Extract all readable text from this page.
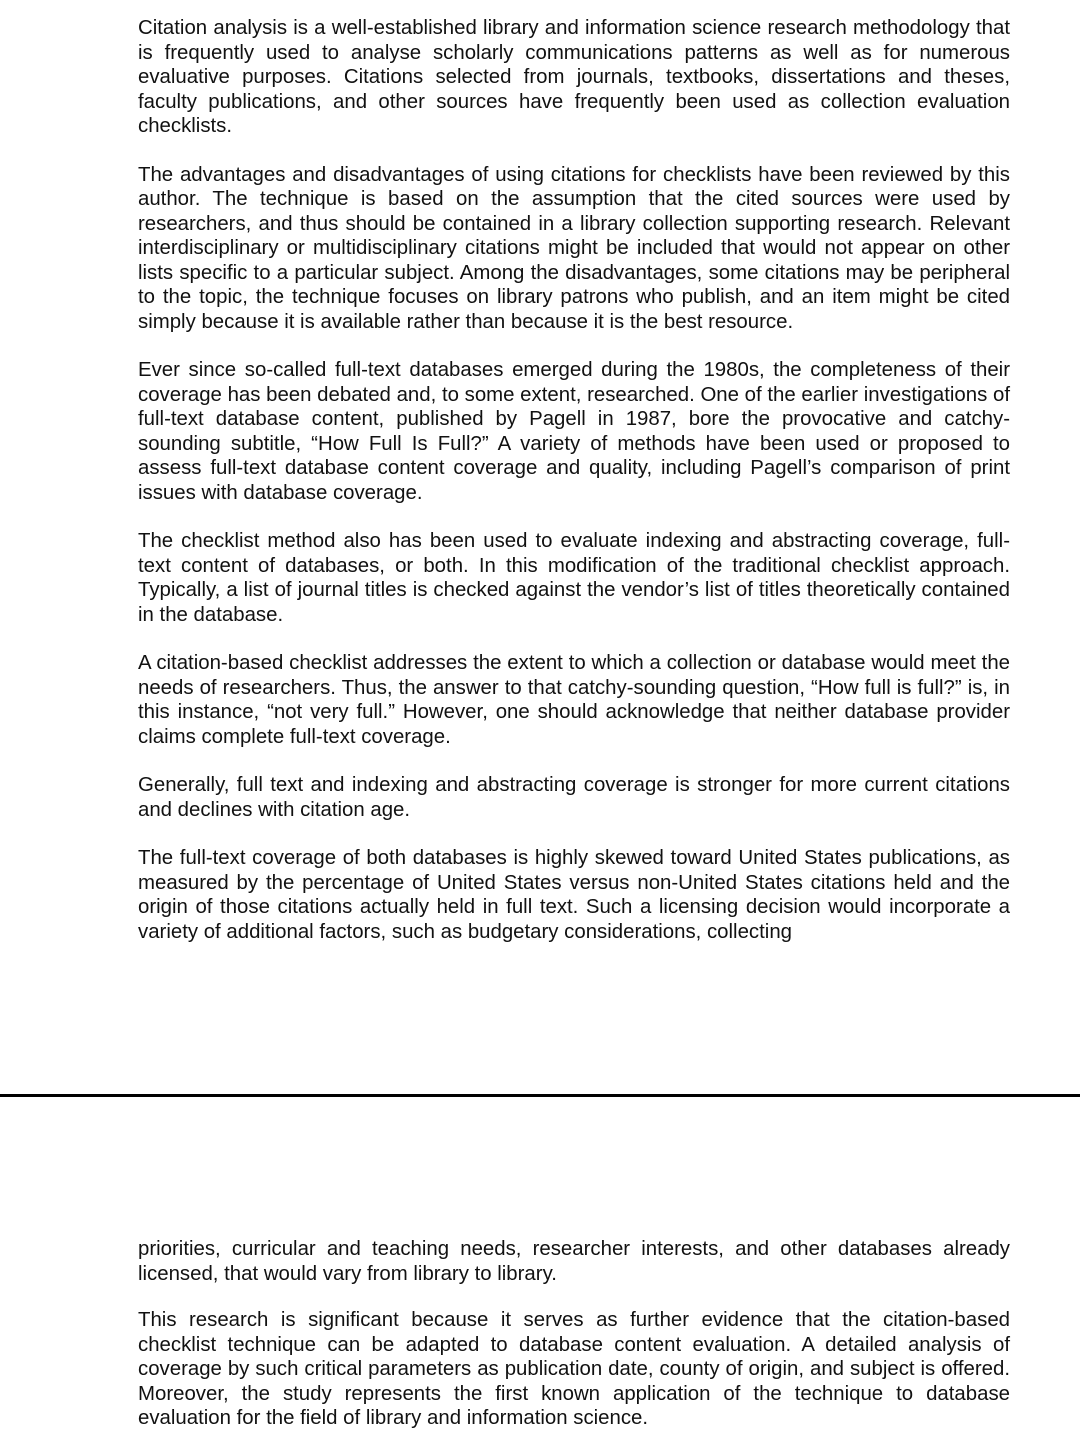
Citation analysis is a well-established library and information science research methodology that is frequently used to analyse scholarly communications patterns as well as for numerous evaluative purposes. Citations selected from journals, textbooks, dissertations and theses, faculty publications, and other sources have frequently been used as collection evaluation checklists.

The advantages and disadvantages of using citations for checklists have been reviewed by this author. The technique is based on the assumption that the cited sources were used by researchers, and thus should be contained in a library collection supporting research. Relevant interdisciplinary or multidisciplinary citations might be included that would not appear on other lists specific to a particular subject. Among the disadvantages, some citations may be peripheral to the topic, the technique focuses on library patrons who publish, and an item might be cited simply because it is available rather than because it is the best resource.

Ever since so-called full-text databases emerged during the 1980s, the completeness of their coverage has been debated and, to some extent, researched. One of the earlier investigations of full-text database content, published by Pagell in 1987, bore the provocative and catchy-sounding subtitle, “How Full Is Full?” A variety of methods have been used or proposed to assess full-text database content coverage and quality, including Pagell’s comparison of print issues with database coverage.

The checklist method also has been used to evaluate indexing and abstracting coverage, full-text content of databases, or both. In this modification of the traditional checklist approach. Typically, a list of journal titles is checked against the vendor’s list of titles theoretically contained in the database.

A citation-based checklist addresses the extent to which a collection or database would meet the needs of researchers. Thus, the answer to that catchy-sounding question, “How full is full?” is, in this instance, “not very full.” However, one should acknowledge that neither database provider claims complete full-text coverage.

Generally, full text and indexing and abstracting coverage is stronger for more current citations and declines with citation age.

The full-text coverage of both databases is highly skewed toward United States publications, as measured by the percentage of United States versus non-United States citations held and the origin of those citations actually held in full text. Such a licensing decision would incorporate a variety of additional factors, such as budgetary considerations, collecting

priorities, curricular and teaching needs, researcher interests, and other databases already licensed, that would vary from library to library.

This research is significant because it serves as further evidence that the citation-based checklist technique can be adapted to database content evaluation. A detailed analysis of coverage by such critical parameters as publication date, county of origin, and subject is offered. Moreover, the study represents the first known application of the technique to database evaluation for the field of library and information science.
